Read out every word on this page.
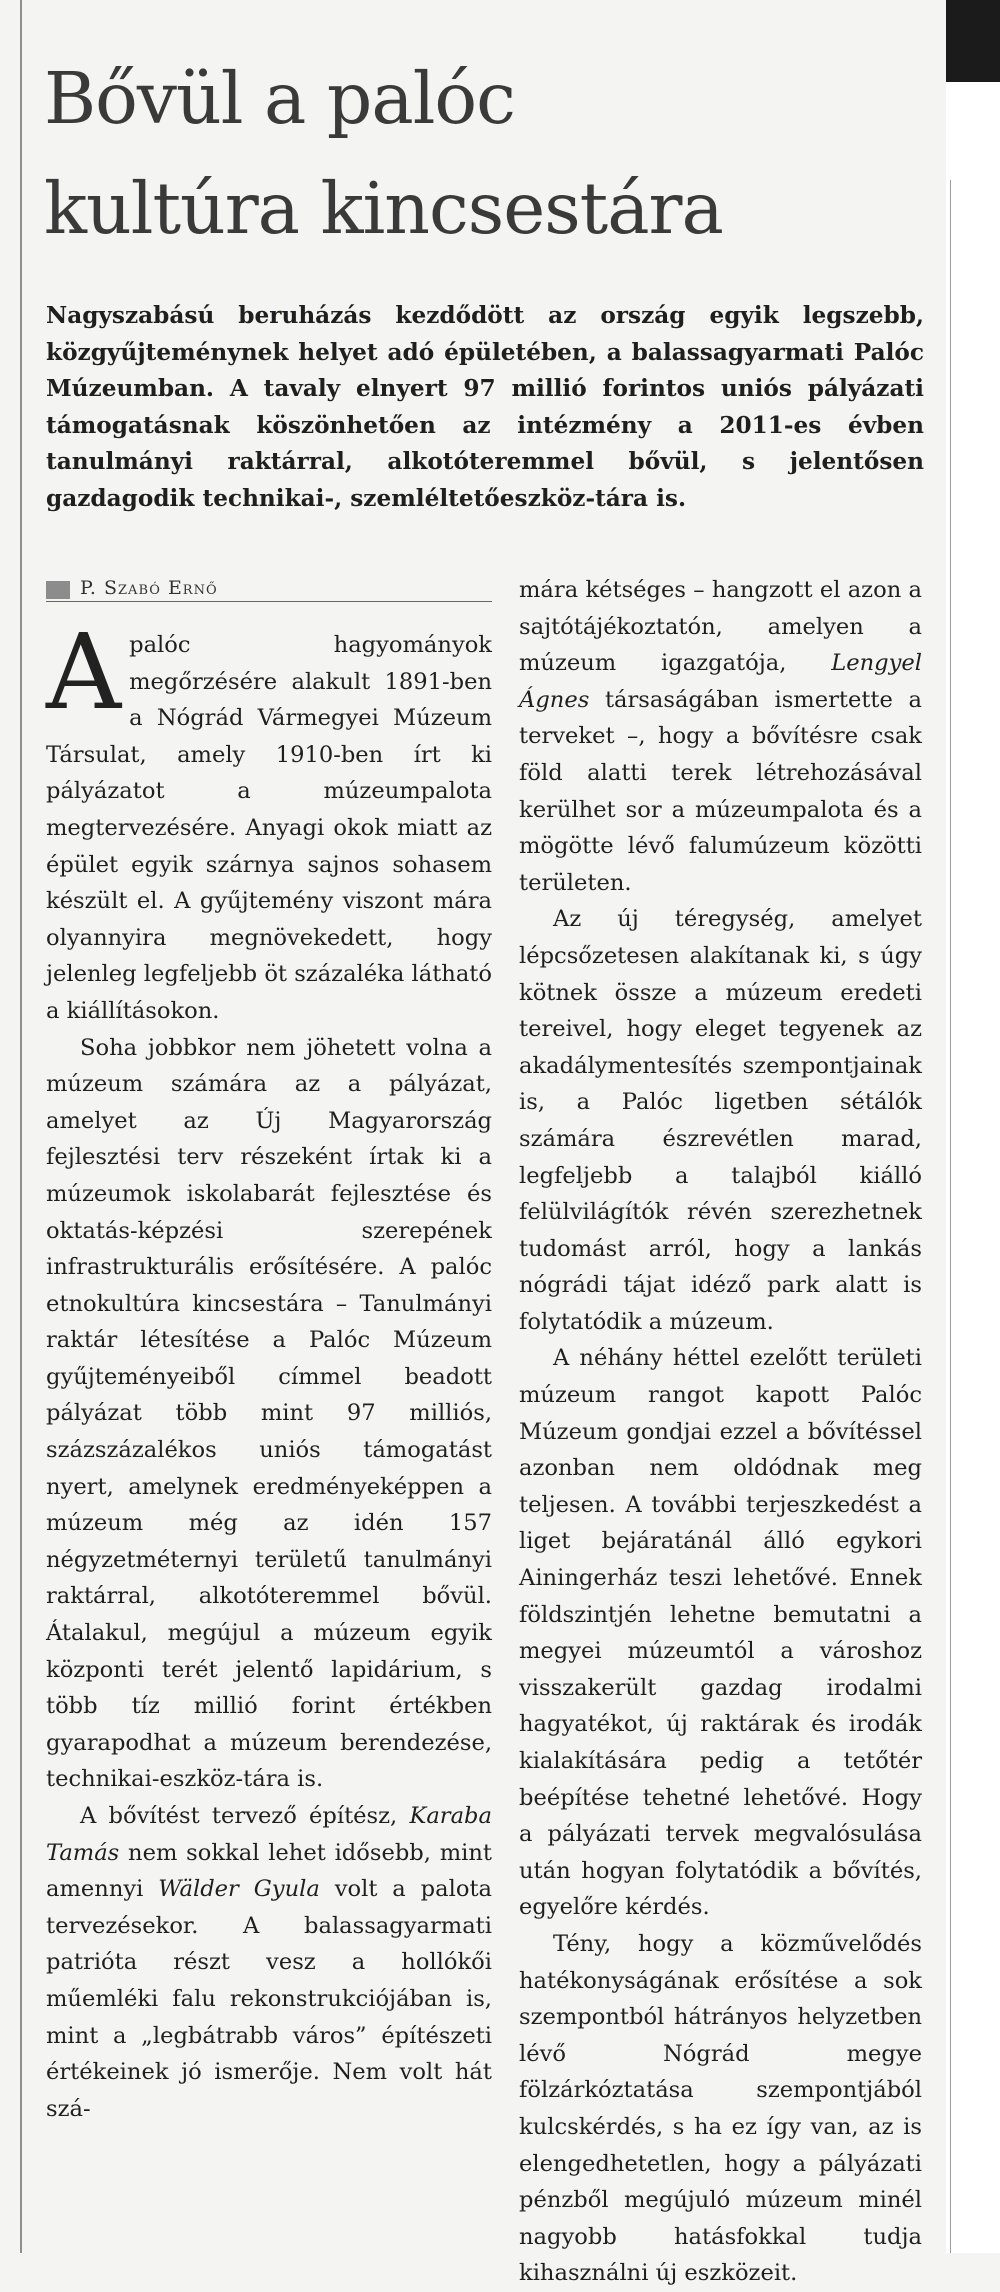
Bővül a palóc
kultúra kincsestára

Nagyszabású beruházás kezdődött az ország egyik legszebb, közgyűjteménynek helyet adó épületében, a balassagyarmati Palóc Múzeumban. A tavaly elnyert 97 millió forintos uniós pályázati támogatásnak köszönhetően az intézmény a 2011-es évben tanulmányi raktárral, alkotóteremmel bővül, s jelentősen gazdagodik technikai-, szemléltetőeszköz-tára is.

P. Szabó Ernő

Apalóc hagyományok megőrzésére alakult 1891-ben a Nógrád Vármegyei Múzeum Társulat, amely 1910-ben írt ki pályázatot a múzeumpalota megtervezésére. Anyagi okok miatt az épület egyik szárnya sajnos sohasem készült el. A gyűjtemény viszont mára olyannyira megnövekedett, hogy jelenleg legfeljebb öt százaléka látható a kiállításokon.

Soha jobbkor nem jöhetett volna a múzeum számára az a pályázat, amelyet az Új Magyarország fejlesztési terv részeként írtak ki a múzeumok iskolabarát fejlesztése és oktatás-képzési szerepének infrastrukturális erősítésére. A palóc etnokultúra kincsestára – Tanulmányi raktár létesítése a Palóc Múzeum gyűjteményeiből címmel beadott pályázat több mint 97 milliós, százszázalékos uniós támogatást nyert, amelynek eredményeképpen a múzeum még az idén 157 négyzetméternyi területű tanulmányi raktárral, alkotóteremmel bővül. Átalakul, megújul a múzeum egyik központi terét jelentő lapidárium, s több tíz millió forint értékben gyarapodhat a múzeum berendezése, technikai-eszköz-tára is.

A bővítést tervező építész, Karaba Tamás nem sokkal lehet idősebb, mint amennyi Wälder Gyula volt a palota tervezésekor. A balassagyarmati patrióta részt vesz a hollókői műemléki falu rekonstrukciójában is, mint a „legbátrabb város” építészeti értékeinek jó ismerője. Nem volt hát szá-

mára kétséges – hangzott el azon a sajtótájékoztatón, amelyen a múzeum igazgatója, Lengyel Ágnes társaságában ismertette a terveket –, hogy a bővítésre csak föld alatti terek létrehozásával kerülhet sor a múzeumpalota és a mögötte lévő falumúzeum közötti területen.

Az új téregység, amelyet lépcsőzetesen alakítanak ki, s úgy kötnek össze a múzeum eredeti tereivel, hogy eleget tegyenek az akadálymentesítés szempontjainak is, a Palóc ligetben sétálók számára észrevétlen marad, legfeljebb a talajból kiálló felülvilágítók révén szerezhetnek tudomást arról, hogy a lankás nógrádi tájat idéző park alatt is folytatódik a múzeum.

A néhány héttel ezelőtt területi múzeum rangot kapott Palóc Múzeum gondjai ezzel a bővítéssel azonban nem oldódnak meg teljesen. A további terjeszkedést a liget bejáratánál álló egykori Ainingerház teszi lehetővé. Ennek földszintjén lehetne bemutatni a megyei múzeumtól a városhoz visszakerült gazdag irodalmi hagyatékot, új raktárak és irodák kialakítására pedig a tetőtér beépítése tehetné lehetővé. Hogy a pályázati tervek megvalósulása után hogyan folytatódik a bővítés, egyelőre kérdés.

Tény, hogy a közművelődés hatékonyságának erősítése a sok szempontból hátrányos helyzetben lévő Nógrád megye fölzárkóztatása szempontjából kulcskérdés, s ha ez így van, az is elengedhetetlen, hogy a pályázati pénzből megújuló múzeum minél nagyobb hatásfokkal tudja kihasználni új eszközeit.
